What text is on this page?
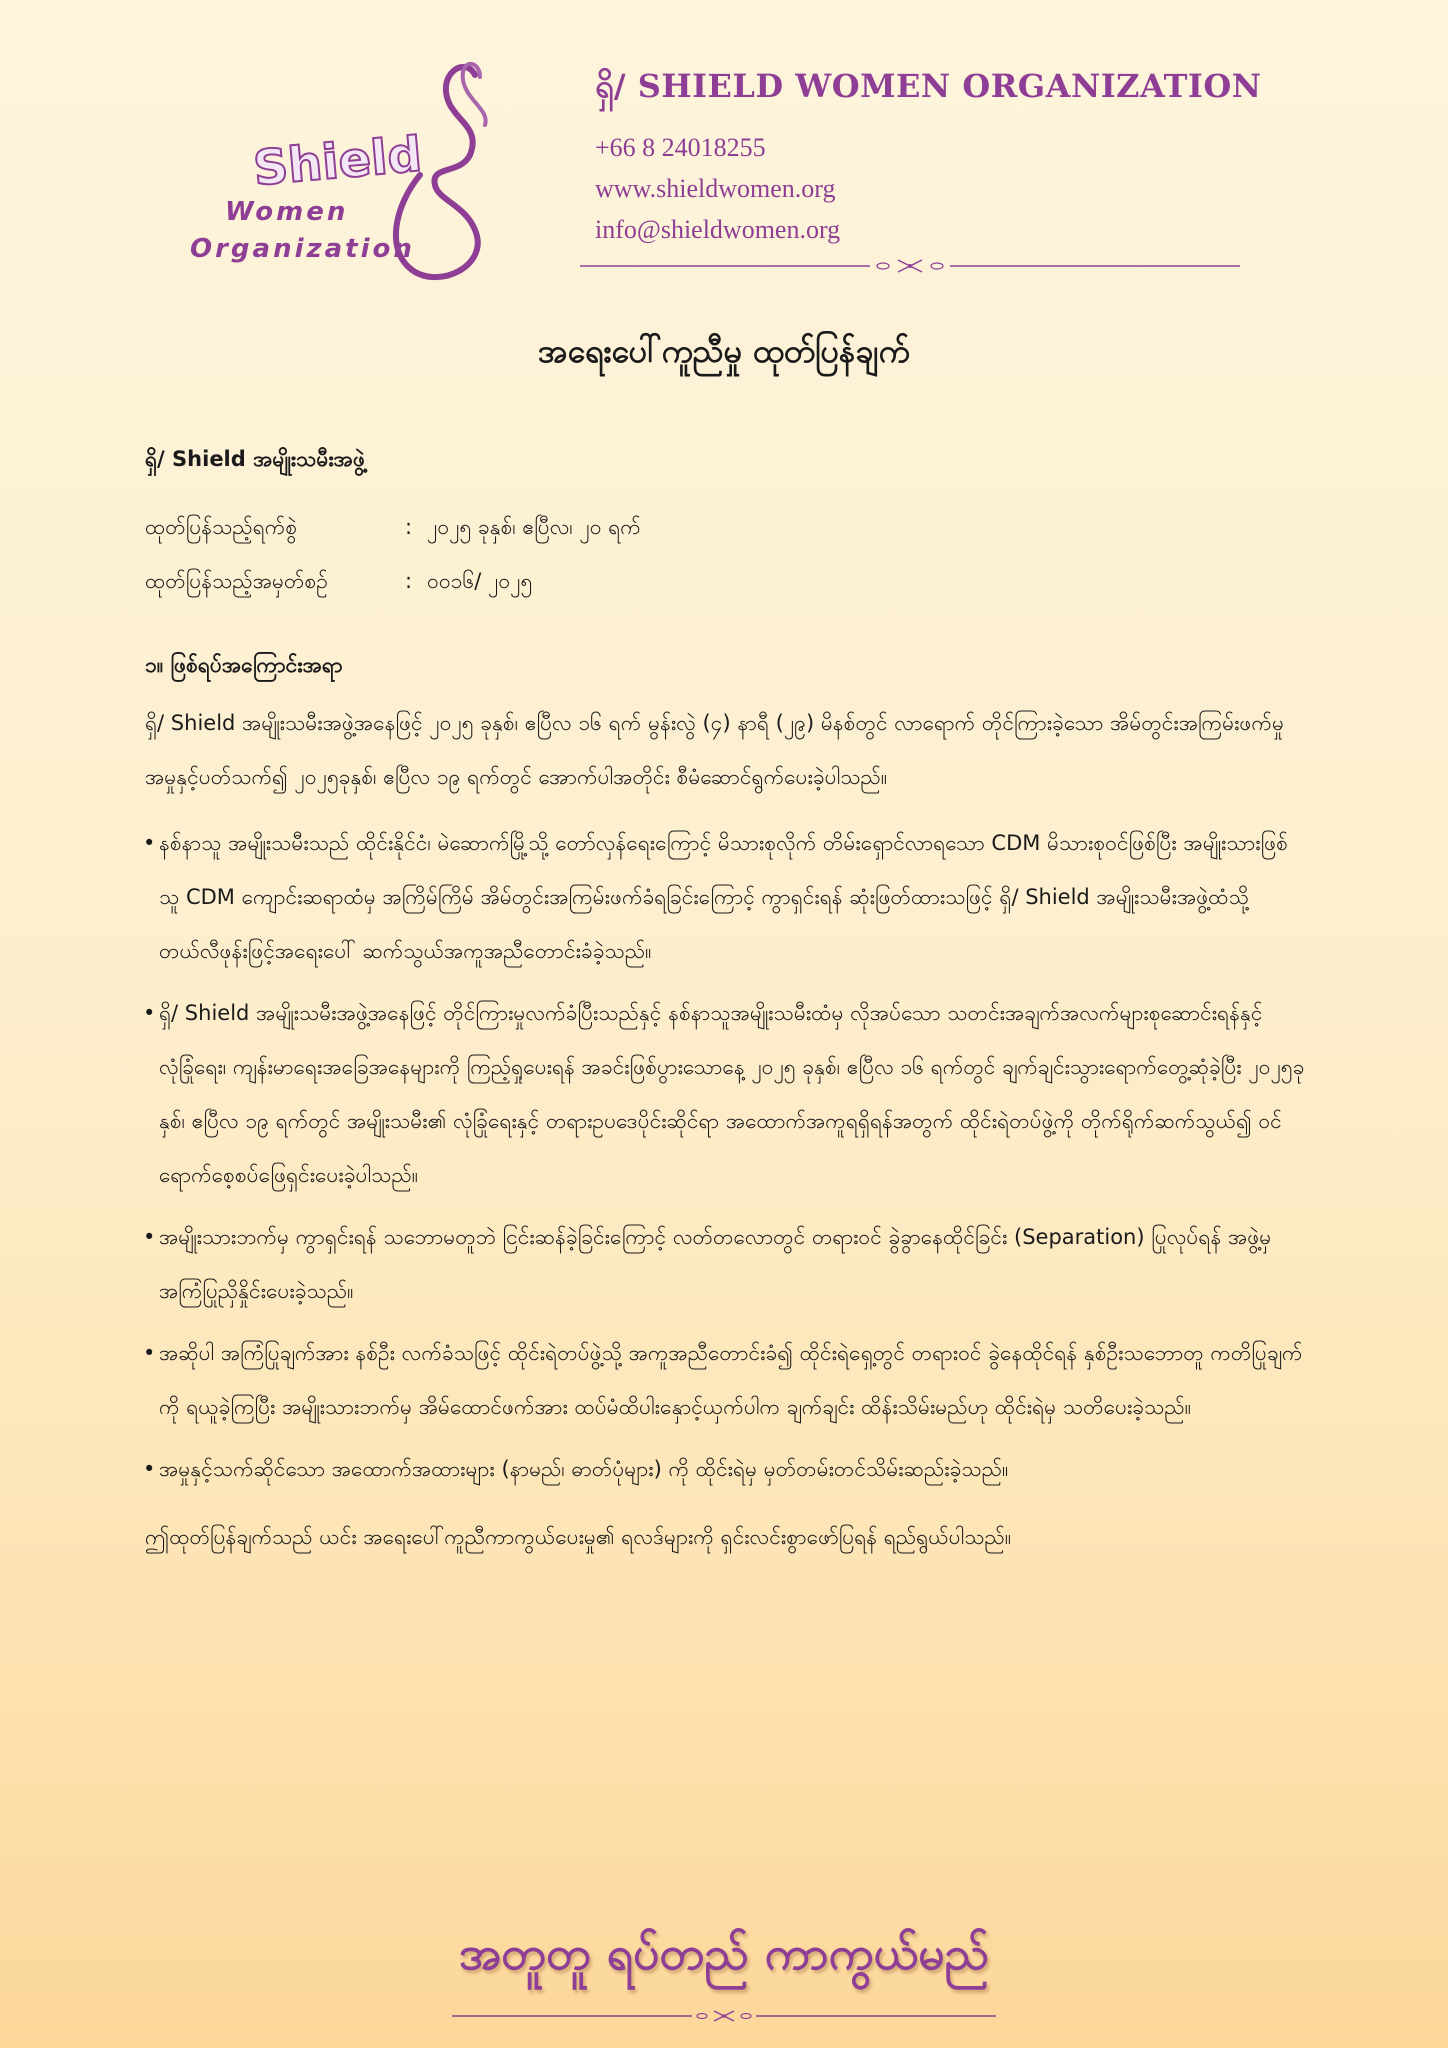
Shield
Women
Organization
ရှိ/ SHIELD WOMEN ORGANIZATION
+66 8 24018255
www.shieldwomen.org
info@shieldwomen.org
အရေးပေါ်ကူညီမှု ထုတ်ပြန်ချက်
ရှိ/ Shield အမျိုးသမီးအဖွဲ့
ထုတ်ပြန်သည့်ရက်စွဲ	: ၂၀၂၅ ခုနှစ်၊ ဧပြီလ၊ ၂၀ ရက်
ထုတ်ပြန်သည့်အမှတ်စဉ်	: ၀၀၁၆/ ၂၀၂၅
၁။ ဖြစ်ရပ်အကြောင်းအရာ

ရှိ/ Shield အမျိုးသမီးအဖွဲ့အနေဖြင့် ၂၀၂၅ ခုနှစ်၊ ဧပြီလ ၁၆ ရက် မွန်းလွဲ (၄) နာရီ (၂၉) မိနစ်တွင် လာရောက် တိုင်ကြားခဲ့သော အိမ်တွင်းအကြမ်းဖက်မှု အမှုနှင့်ပတ်သက်၍ ၂၀၂၅ခုနှစ်၊ ဧပြီလ ၁၉ ရက်တွင် အောက်ပါအတိုင်း စီမံဆောင်ရွက်ပေးခဲ့ပါသည်။

• နစ်နာသူ အမျိုးသမီးသည် ထိုင်းနိုင်ငံ၊ မဲဆောက်မြို့သို့ တော်လှန်ရေးကြောင့် မိသားစုလိုက် တိမ်းရှောင်လာရသော CDM မိသားစုဝင်ဖြစ်ပြီး အမျိုးသားဖြစ်သူ CDM ကျောင်းဆရာထံမှ အကြိမ်ကြိမ် အိမ်တွင်းအကြမ်းဖက်ခံရခြင်းကြောင့် ကွာရှင်းရန် ဆုံးဖြတ်ထားသဖြင့် ရှိ/ Shield အမျိုးသမီးအဖွဲ့ထံသို့ တယ်လီဖုန်းဖြင့်အရေးပေါ် ဆက်သွယ်အကူအညီတောင်းခံခဲ့သည်။
• ရှိ/ Shield အမျိုးသမီးအဖွဲ့အနေဖြင့် တိုင်ကြားမှုလက်ခံပြီးသည်နှင့် နစ်နာသူအမျိုးသမီးထံမှ လိုအပ်သော သတင်းအချက်အလက်များစုဆောင်းရန်နှင့် လုံခြုံရေး၊ ကျန်းမာရေးအခြေအနေများကို ကြည့်ရှုပေးရန် အခင်းဖြစ်ပွားသောနေ့ ၂၀၂၅ ခုနှစ်၊ ဧပြီလ ၁၆ ရက်တွင် ချက်ချင်းသွားရောက်တွေ့ဆုံခဲ့ပြီး ၂၀၂၅ခုနှစ်၊ ဧပြီလ ၁၉ ရက်တွင် အမျိုးသမီး၏ လုံခြုံရေးနှင့် တရားဥပဒေပိုင်းဆိုင်ရာ အထောက်အကူရရှိရန်အတွက် ထိုင်းရဲတပ်ဖွဲ့ကို တိုက်ရိုက်ဆက်သွယ်၍ ဝင်ရောက်စေ့စပ်ဖြေရှင်းပေးခဲ့ပါသည်။
• အမျိုးသားဘက်မှ ကွာရှင်းရန် သဘောမတူဘဲ ငြင်းဆန်ခဲ့ခြင်းကြောင့် လတ်တလောတွင် တရားဝင် ခွဲခွာနေထိုင်ခြင်း (Separation) ပြုလုပ်ရန် အဖွဲ့မှ အကြံပြုညှိနှိုင်းပေးခဲ့သည်။
• အဆိုပါ အကြံပြုချက်အား နစ်ဦး လက်ခံသဖြင့် ထိုင်းရဲတပ်ဖွဲ့သို့ အကူအညီတောင်းခံ၍ ထိုင်းရဲရှေ့တွင် တရားဝင် ခွဲနေထိုင်ရန် နှစ်ဦးသဘောတူ ကတိပြုချက်ကို ရယူခဲ့ကြပြီး အမျိုးသားဘက်မှ အိမ်ထောင်ဖက်အား ထပ်မံထိပါးနှောင့်ယှက်ပါက ချက်ချင်း ထိန်းသိမ်းမည်ဟု ထိုင်းရဲမှ သတိပေးခဲ့သည်။
• အမှုနှင့်သက်ဆိုင်သော အထောက်အထားများ (နာမည်၊ ဓာတ်ပုံများ) ကို ထိုင်းရဲမှ မှတ်တမ်းတင်သိမ်းဆည်းခဲ့သည်။

ဤထုတ်ပြန်ချက်သည် ယင်း အရေးပေါ်ကူညီကာကွယ်ပေးမှု၏ ရလဒ်များကို ရှင်းလင်းစွာဖော်ပြရန် ရည်ရွယ်ပါသည်။

အတူတူ ရပ်တည် ကာကွယ်မည်
